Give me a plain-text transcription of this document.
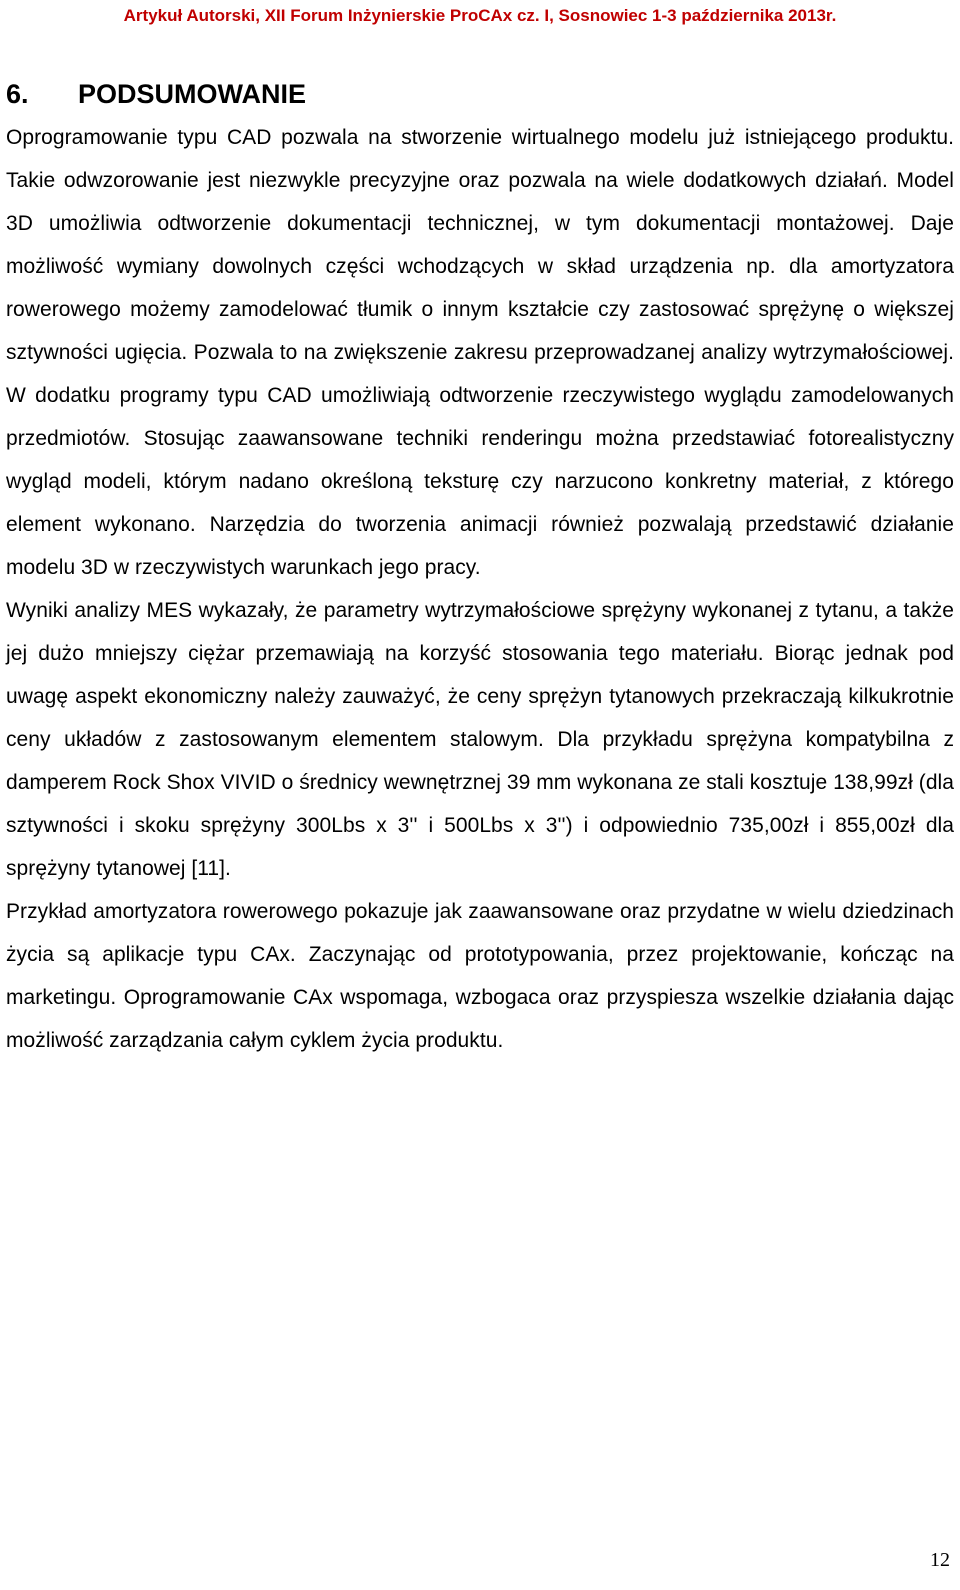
Artykuł Autorski, XII Forum Inżynierskie ProCAx cz. I, Sosnowiec 1-3 października 2013r.
6.	PODSUMOWANIE

Oprogramowanie typu CAD pozwala na stworzenie wirtualnego modelu już istniejącego produktu. Takie odwzorowanie jest niezwykle precyzyjne oraz pozwala na wiele dodatkowych działań. Model 3D umożliwia odtworzenie dokumentacji technicznej, w tym dokumentacji montażowej. Daje możliwość wymiany dowolnych części wchodzących w skład urządzenia np. dla amortyzatora rowerowego możemy zamodelować tłumik o innym kształcie czy zastosować sprężynę o większej sztywności ugięcia. Pozwala to na zwiększenie zakresu przeprowadzanej analizy wytrzymałościowej. W dodatku programy typu CAD umożliwiają odtworzenie rzeczywistego wyglądu zamodelowanych przedmiotów. Stosując zaawansowane techniki renderingu można przedstawiać fotorealistyczny wygląd modeli, którym nadano określoną teksturę czy narzucono konkretny materiał, z którego element wykonano. Narzędzia do tworzenia animacji również pozwalają przedstawić działanie modelu 3D w rzeczywistych warunkach jego pracy.

Wyniki analizy MES wykazały, że parametry wytrzymałościowe sprężyny wykonanej z tytanu, a także jej dużo mniejszy ciężar przemawiają na korzyść stosowania tego materiału. Biorąc jednak pod uwagę aspekt ekonomiczny należy zauważyć, że ceny sprężyn tytanowych przekraczają kilkukrotnie ceny układów z zastosowanym elementem stalowym. Dla przykładu sprężyna kompatybilna z damperem Rock Shox VIVID o średnicy wewnętrznej 39 mm wykonana ze stali kosztuje 138,99zł (dla sztywności i skoku sprężyny 300Lbs x 3'' i 500Lbs x 3'') i odpowiednio 735,00zł i 855,00zł dla sprężyny tytanowej [11].

Przykład amortyzatora rowerowego pokazuje jak zaawansowane oraz przydatne w wielu dziedzinach życia są aplikacje typu CAx. Zaczynając od prototypowania, przez projektowanie, kończąc na marketingu. Oprogramowanie CAx wspomaga, wzbogaca oraz przyspiesza wszelkie działania dając możliwość zarządzania całym cyklem życia produktu.

12
